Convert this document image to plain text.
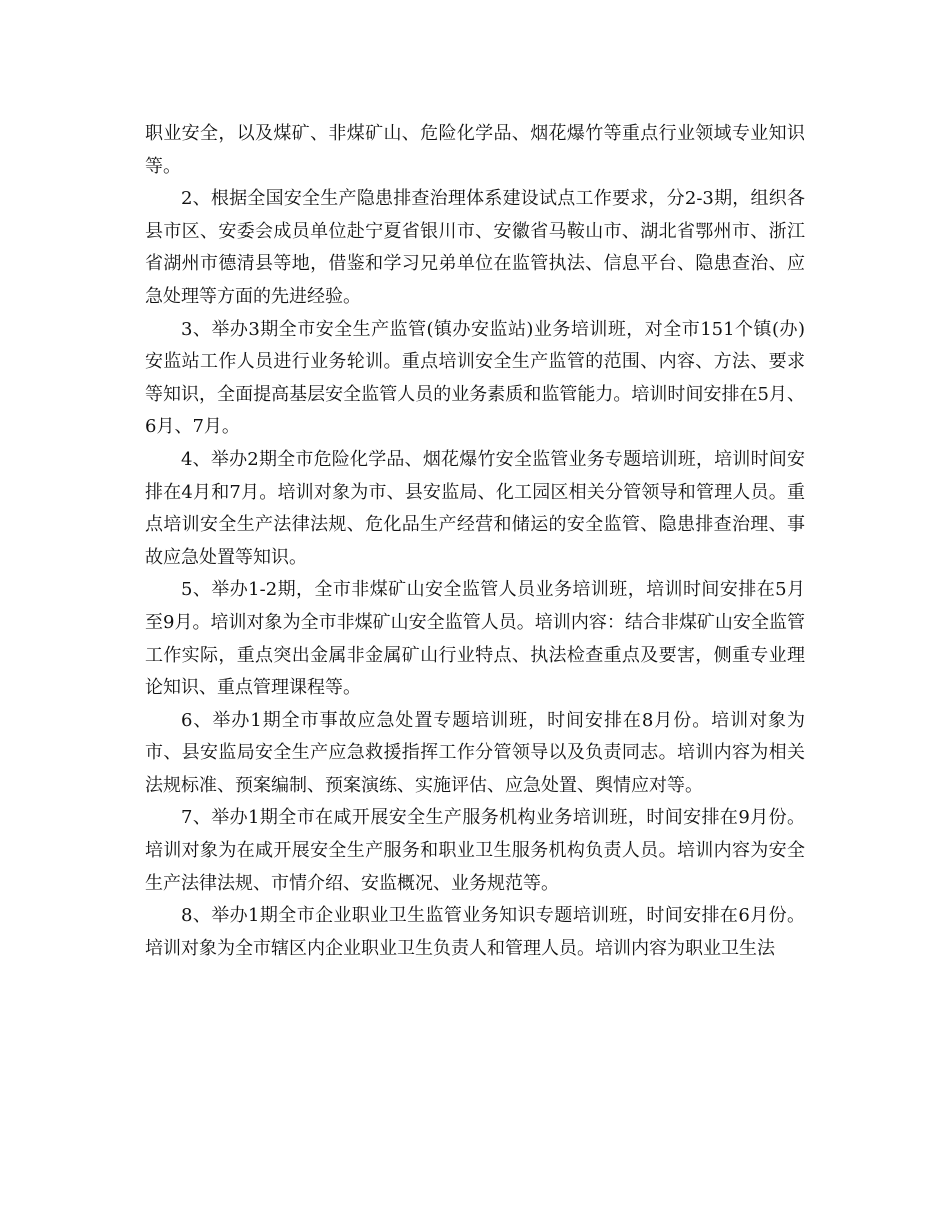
职业安全，以及煤矿、非煤矿山、危险化学品、烟花爆竹等重点行业领域专业知识等。

2、根据全国安全生产隐患排查治理体系建设试点工作要求，分2-3期，组织各县市区、安委会成员单位赴宁夏省银川市、安徽省马鞍山市、湖北省鄂州市、浙江省湖州市德清县等地，借鉴和学习兄弟单位在监管执法、信息平台、隐患查治、应急处理等方面的先进经验。

3、举办3期全市安全生产监管(镇办安监站)业务培训班，对全市151个镇(办)安监站工作人员进行业务轮训。重点培训安全生产监管的范围、内容、方法、要求等知识，全面提高基层安全监管人员的业务素质和监管能力。培训时间安排在5月、6月、7月。

4、举办2期全市危险化学品、烟花爆竹安全监管业务专题培训班，培训时间安排在4月和7月。培训对象为市、县安监局、化工园区相关分管领导和管理人员。重点培训安全生产法律法规、危化品生产经营和储运的安全监管、隐患排查治理、事故应急处置等知识。

5、举办1-2期，全市非煤矿山安全监管人员业务培训班，培训时间安排在5月至9月。培训对象为全市非煤矿山安全监管人员。培训内容：结合非煤矿山安全监管工作实际，重点突出金属非金属矿山行业特点、执法检查重点及要害，侧重专业理论知识、重点管理课程等。

6、举办1期全市事故应急处置专题培训班，时间安排在8月份。培训对象为市、县安监局安全生产应急救援指挥工作分管领导以及负责同志。培训内容为相关法规标准、预案编制、预案演练、实施评估、应急处置、舆情应对等。

7、举办1期全市在咸开展安全生产服务机构业务培训班，时间安排在9月份。培训对象为在咸开展安全生产服务和职业卫生服务机构负责人员。培训内容为安全生产法律法规、市情介绍、安监概况、业务规范等。

8、举办1期全市企业职业卫生监管业务知识专题培训班，时间安排在6月份。培训对象为全市辖区内企业职业卫生负责人和管理人员。培训内容为职业卫生法
